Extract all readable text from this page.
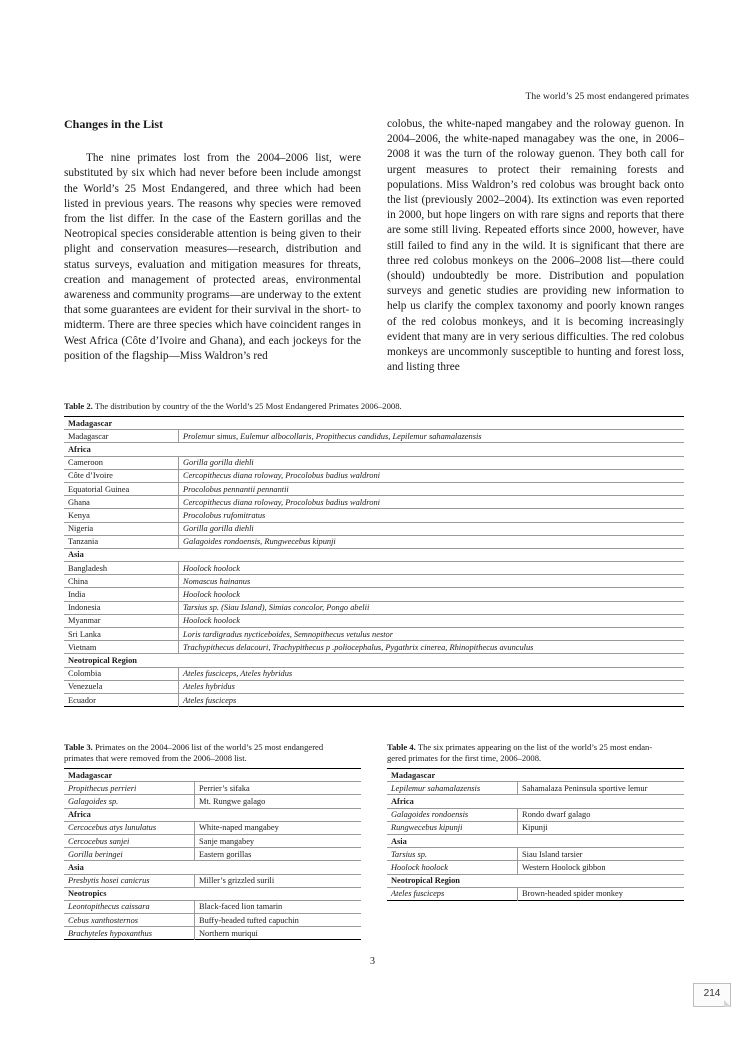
The world’s 25 most endangered primates
Changes in the List

The nine primates lost from the 2004–2006 list, were substituted by six which had never before been include amongst the World’s 25 Most Endangered, and three which had been listed in previous years. The reasons why species were removed from the list differ. In the case of the Eastern gorillas and the Neotropical species considerable attention is being given to their plight and conservation measures—research, distribution and status surveys, evaluation and mitigation measures for threats, creation and management of protected areas, environmental awareness and community programs—are underway to the extent that some guarantees are evident for their survival in the short- to midterm. There are three species which have coincident ranges in West Africa (Côte d’Ivoire and Ghana), and each jockeys for the position of the flagship—Miss Waldron’s red

colobus, the white-naped mangabey and the roloway guenon. In 2004–2006, the white-naped managabey was the one, in 2006–2008 it was the turn of the roloway guenon. They both call for urgent measures to protect their remaining forests and populations. Miss Waldron’s red colobus was brought back onto the list (previously 2002–2004). Its extinction was even reported in 2000, but hope lingers on with rare signs and reports that there are some still living. Repeated efforts since 2000, however, have still failed to find any in the wild. It is significant that there are three red colobus monkeys on the 2006–2008 list—there could (should) undoubtedly be more. Distribution and population surveys and genetic studies are providing new information to help us clarify the complex taxonomy and poorly known ranges of the red colobus monkeys, and it is becoming increasingly evident that many are in very serious difficulties. The red colobus monkeys are uncommonly susceptible to hunting and forest loss, and listing three

Table 2. The distribution by country of the the World’s 25 Most Endangered Primates 2006–2008.
Madagascar	
Madagascar	Prolemur simus, Eulemur albocollaris, Propithecus candidus, Lepilemur sahamalazensis
Africa	
Cameroon	Gorilla gorilla diehli
Côte d’Ivoire	Cercopithecus diana roloway, Procolobus badius waldroni
Equatorial Guinea	Procolobus pennantii pennantii
Ghana	Cercopithecus diana roloway, Procolobus badius waldroni
Kenya	Procolobus rufomitratus
Nigeria	Gorilla gorilla diehli
Tanzania	Galagoides rondoensis, Rungwecebus kipunji
Asia	
Bangladesh	Hoolock hoolock
China	Nomascus hainanus
India	Hoolock hoolock
Indonesia	Tarsius sp. (Siau Island), Simias concolor, Pongo abelii
Myanmar	Hoolock hoolock
Sri Lanka	Loris tardigradus nycticeboides, Semnopithecus vetulus nestor
Vietnam	Trachypithecus delacouri, Trachypithecus p .poliocephalus, Pygathrix cinerea, Rhinopithecus avunculus
Neotropical Region	
Colombia	Ateles fusciceps, Ateles hybridus
Venezuela	Ateles hybridus
Ecuador	Ateles fusciceps
Table 3. Primates on the 2004–2006 list of the world’s 25 most endangered
primates that were removed from the 2006–2008 list.
Madagascar	
Propithecus perrieri	Perrier’s sifaka
Galagoides sp.	Mt. Rungwe galago
Africa	
Cercocebus atys lunulatus	White-naped mangabey
Cercocebus sanjei	Sanje mangabey
Gorilla beringei	Eastern gorillas
Asia	
Presbytis hosei canicrus	Miller’s grizzled surili
Neotropics	
Leontopithecus caissara	Black-faced lion tamarin
Cebus xanthosternos	Buffy-headed tufted capuchin
Brachyteles hypoxanthus	Northern muriqui
Table 4. The six primates appearing on the list of the world’s 25 most endan-
gered primates for the first time, 2006–2008.
Madagascar	
Lepilemur sahamalazensis	Sahamalaza Peninsula sportive lemur
Africa	
Galagoides rondoensis	Rondo dwarf galago
Rungwecebus kipunji	Kipunji
Asia	
Tarsius sp.	Siau Island tarsier
Hoolock hoolock	Western Hoolock gibbon
Neotropical Region	
Ateles fusciceps	Brown-headed spider monkey
3
214
